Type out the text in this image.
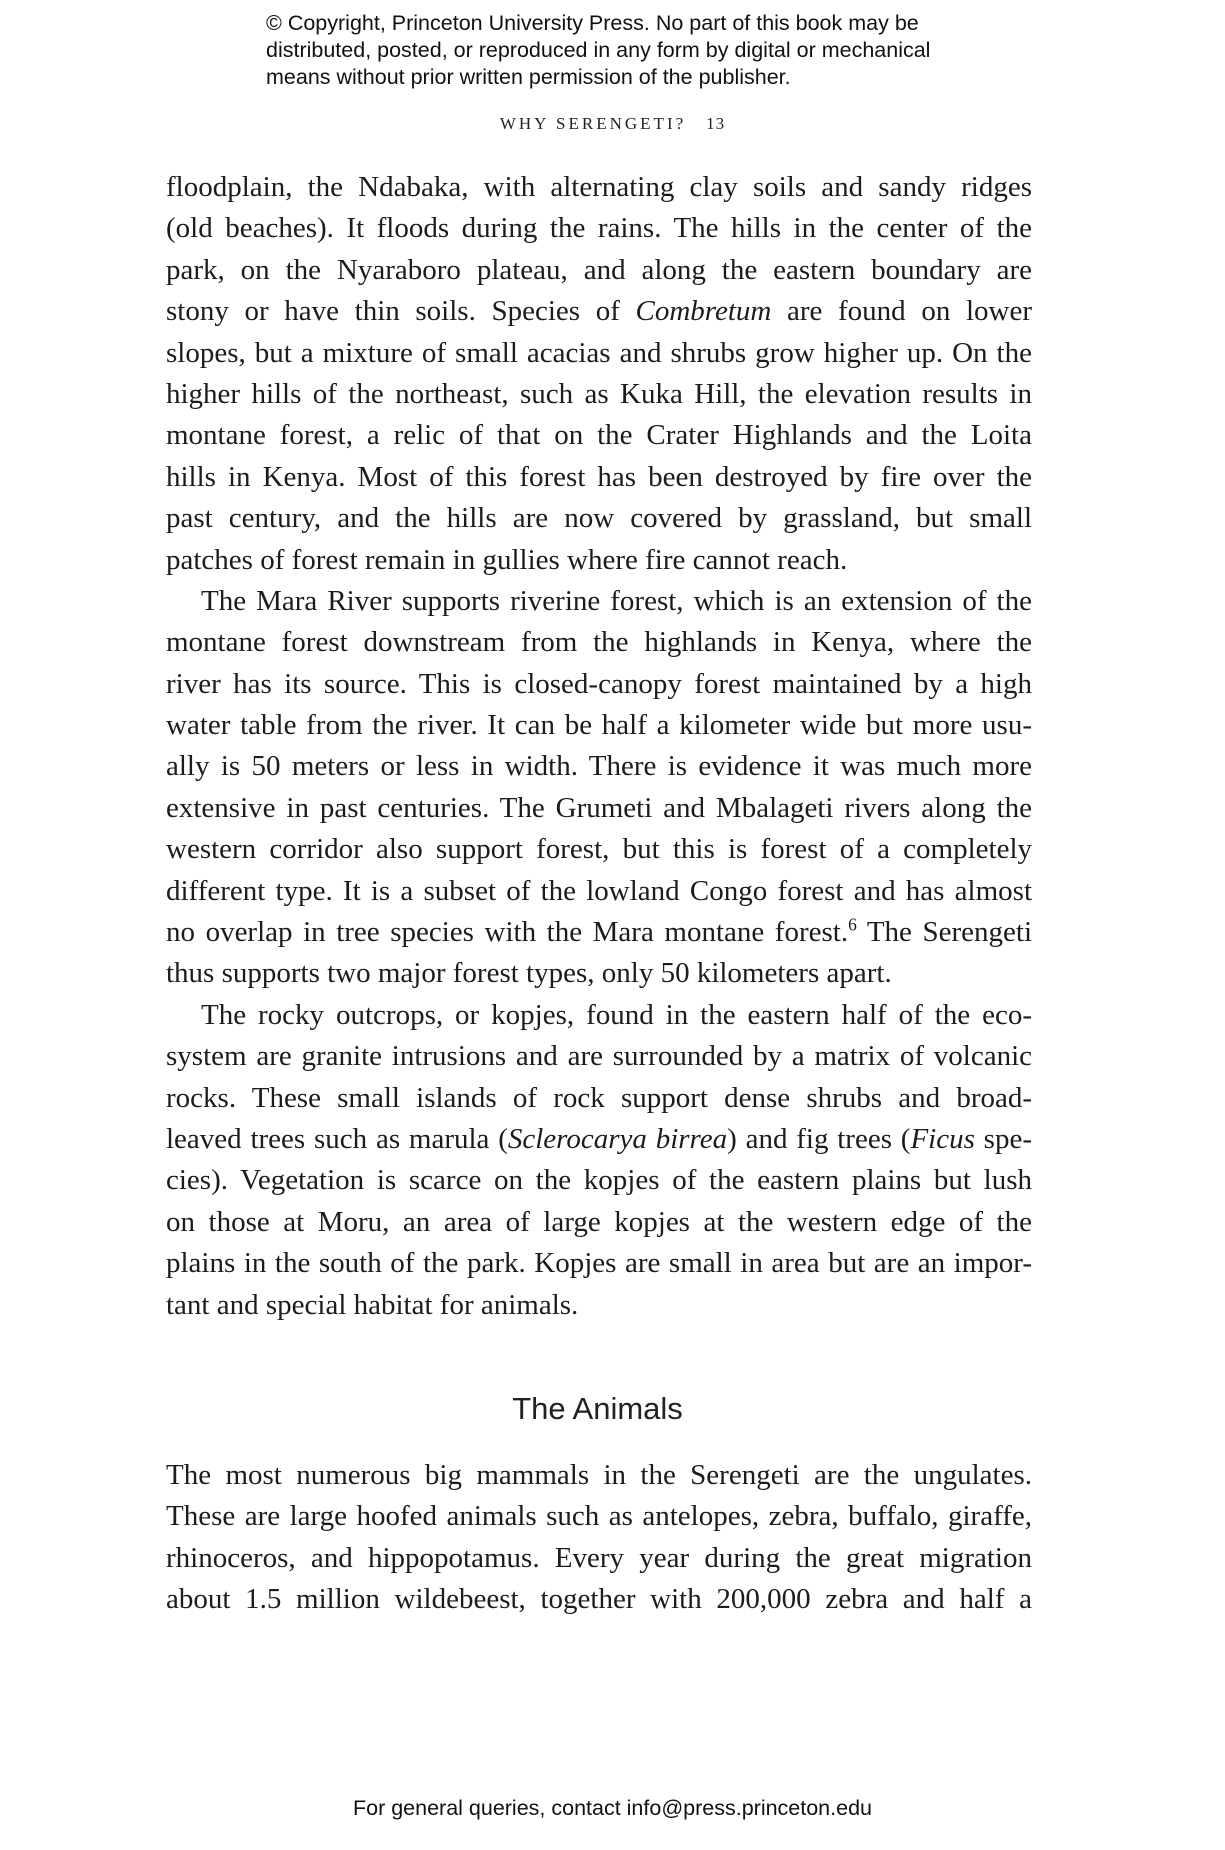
© Copyright, Princeton University Press. No part of this book may be
distributed, posted, or reproduced in any form by digital or mechanical
means without prior written permission of the publisher.
WHY SERENGETI? 13
floodplain, the Ndabaka, with alternating clay soils and sandy ridges
(old beaches). It floods during the rains. The hills in the center of the
park, on the Nyaraboro plateau, and along the eastern boundary are
stony or have thin soils. Species of Combretum are found on lower
slopes, but a mixture of small acacias and shrubs grow higher up. On the
higher hills of the northeast, such as Kuka Hill, the elevation results in
montane forest, a relic of that on the Crater Highlands and the Loita
hills in Kenya. Most of this forest has been destroyed by fire over the
past century, and the hills are now covered by grassland, but small
patches of forest remain in gullies where fire cannot reach.
The Mara River supports riverine forest, which is an extension of the
montane forest downstream from the highlands in Kenya, where the
river has its source. This is closed-canopy forest maintained by a high
water table from the river. It can be half a kilometer wide but more usu-
ally is 50 meters or less in width. There is evidence it was much more
extensive in past centuries. The Grumeti and Mbalageti rivers along the
western corridor also support forest, but this is forest of a completely
different type. It is a subset of the lowland Congo forest and has almost
no overlap in tree species with the Mara montane forest.$^6$ The Serengeti
thus supports two major forest types, only 50 kilometers apart.
The rocky outcrops, or kopjes, found in the eastern half of the eco-
system are granite intrusions and are surrounded by a matrix of volcanic
rocks. These small islands of rock support dense shrubs and broad-
leaved trees such as marula (Sclerocarya birrea) and fig trees (Ficus spe-
cies). Vegetation is scarce on the kopjes of the eastern plains but lush
on those at Moru, an area of large kopjes at the western edge of the
plains in the south of the park. Kopjes are small in area but are an impor-
tant and special habitat for animals.
The Animals
The most numerous big mammals in the Serengeti are the ungulates.
These are large hoofed animals such as antelopes, zebra, buffalo, giraffe,
rhinoceros, and hippopotamus. Every year during the great migration
about 1.5 million wildebeest, together with 200,000 zebra and half a
For general queries, contact info@press.princeton.edu
